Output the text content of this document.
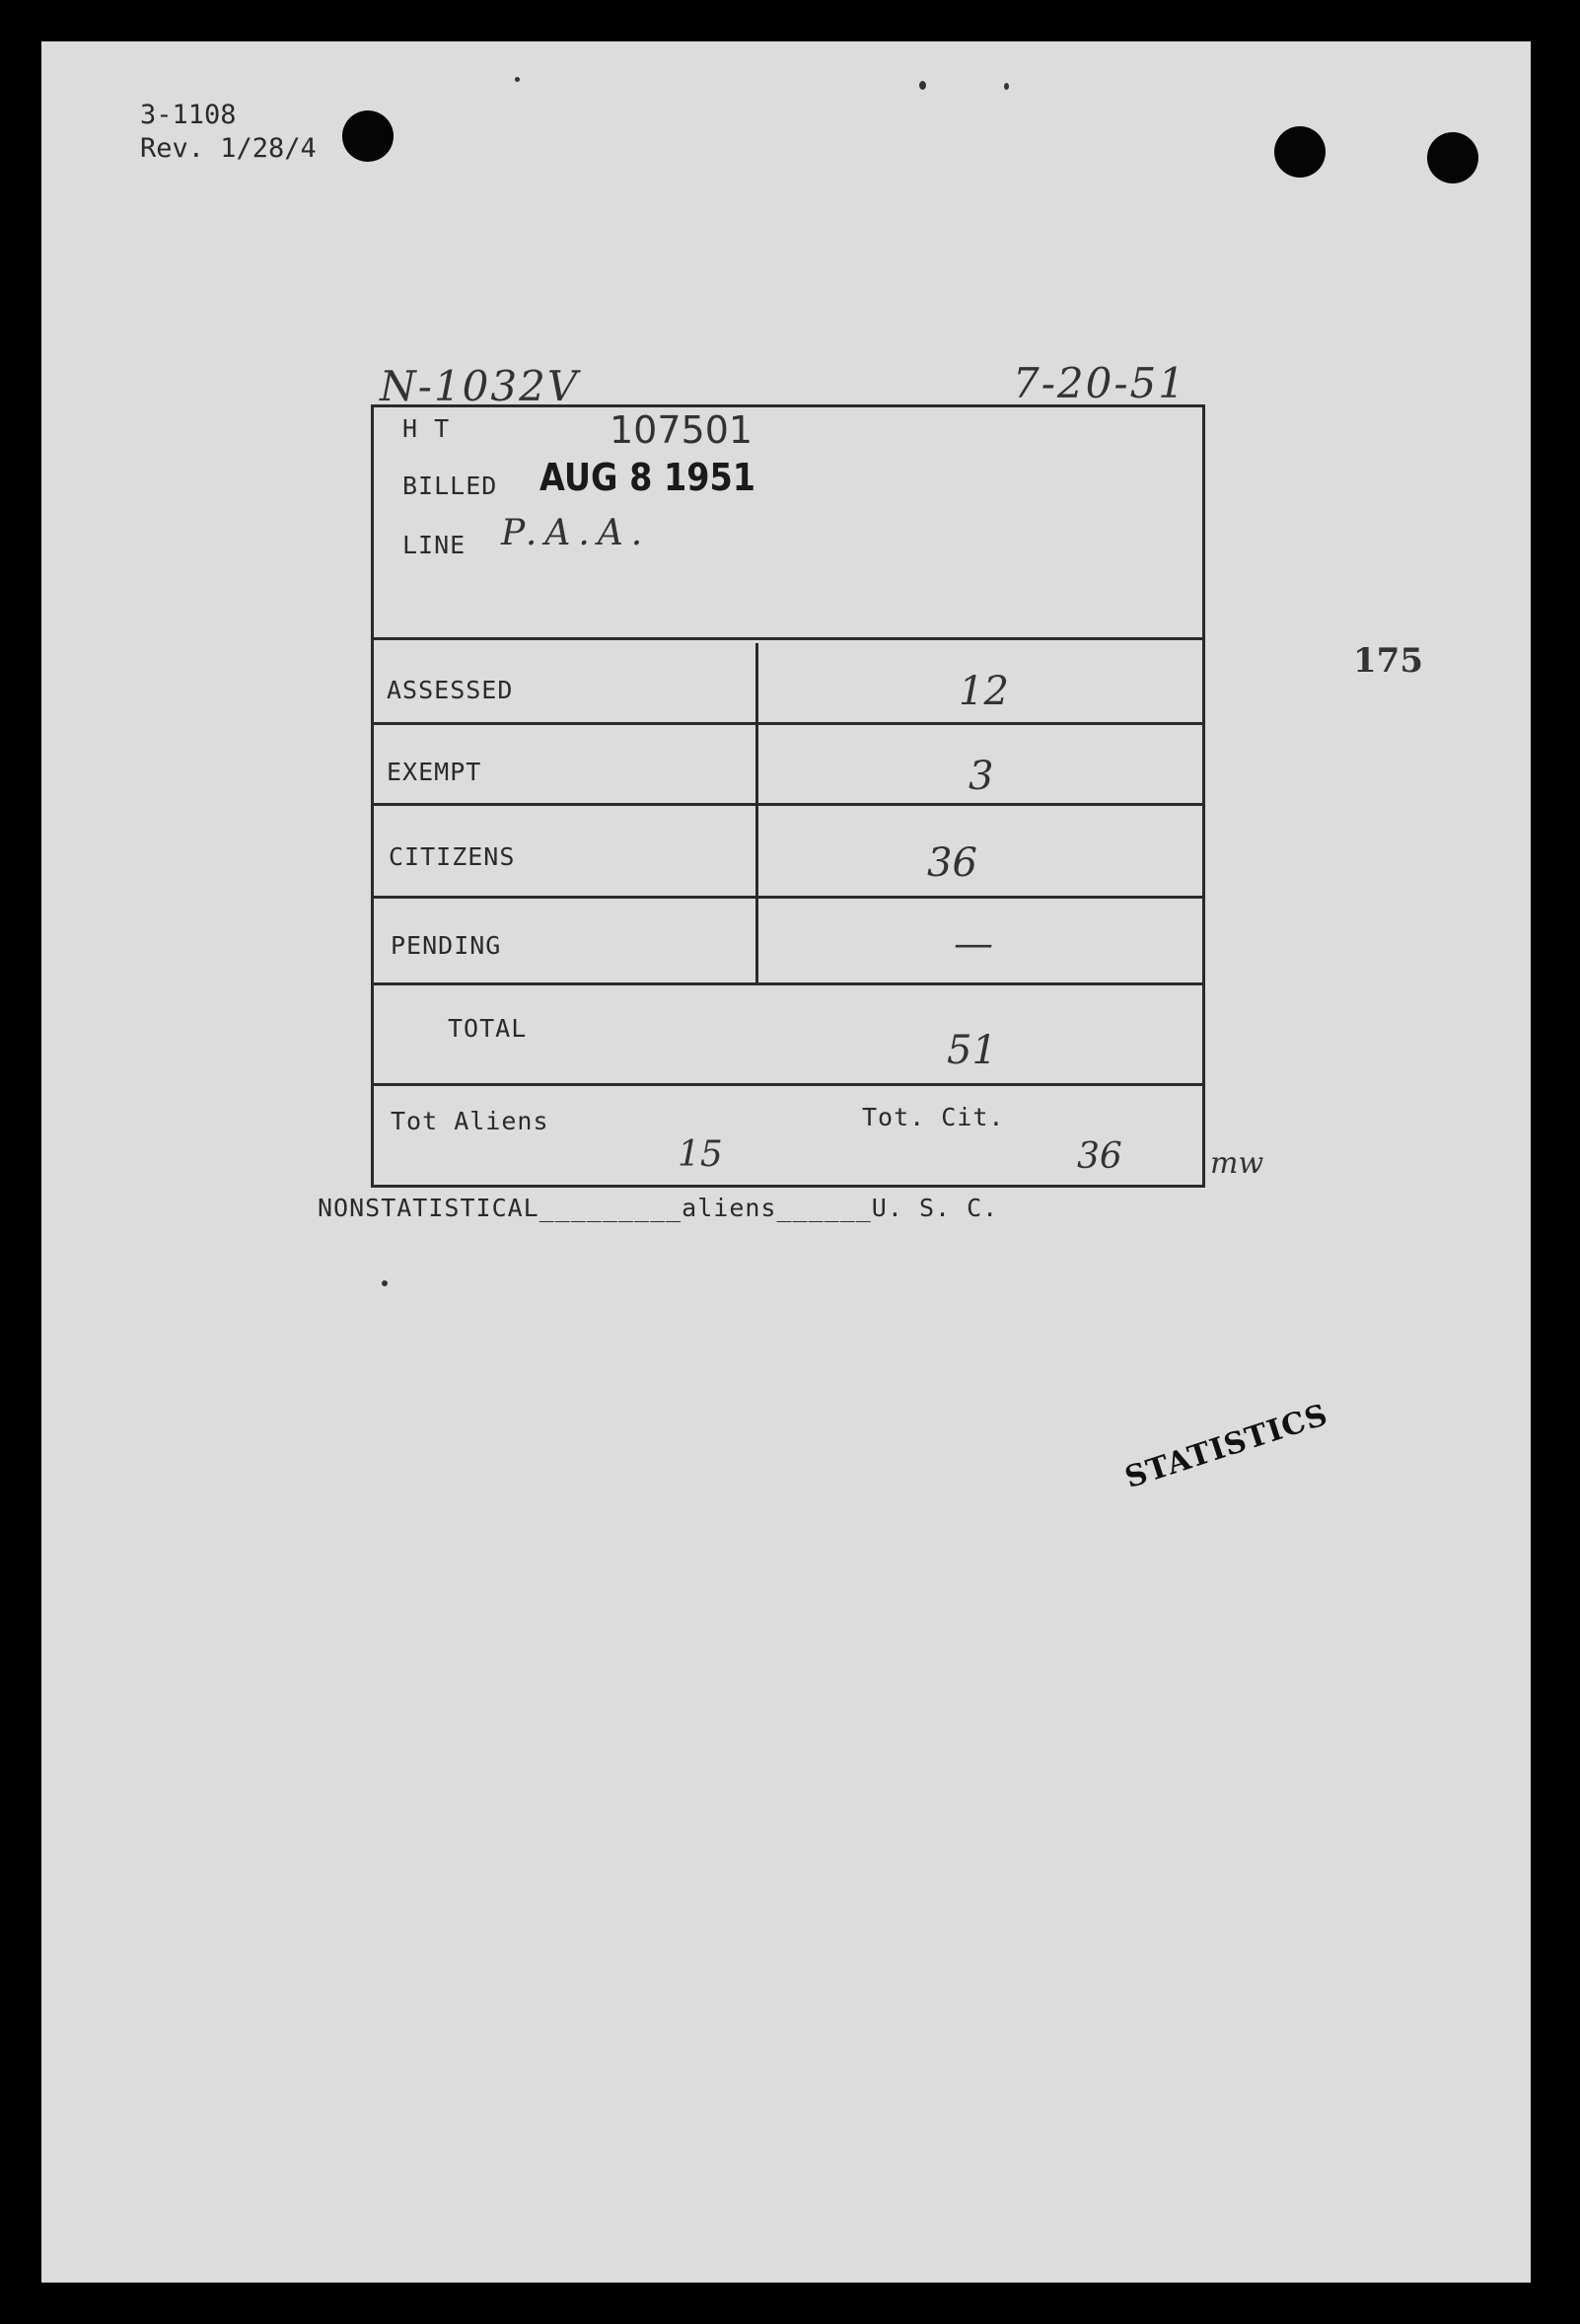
3-1108
Rev. 1/28/4
N-1032V	7-20-51
175
H T	107501
BILLED AUG 8 1951
LINE P.A.A.
ASSESSED	12
EXEMPT	3
CITIZENS	36
PENDING	—
TOTAL	51
Tot Aliens	Tot. Cit.
15	36	mw
NONSTATISTICAL_________aliens______U. S. C.
STATISTICS
